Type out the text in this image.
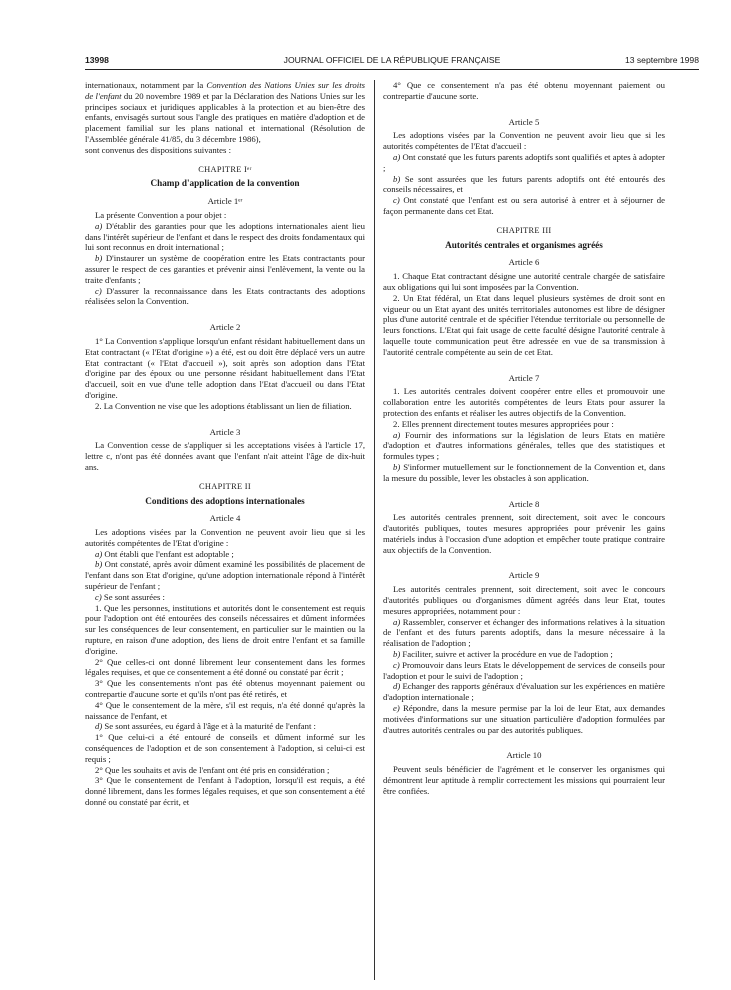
13998	JOURNAL OFFICIEL DE LA RÉPUBLIQUE FRANÇAISE	13 septembre 1998

internationaux, notamment par la Convention des Nations Unies sur les droits de l'enfant du 20 novembre 1989 et par la Déclaration des Nations Unies sur les principes sociaux et juridiques applicables à la protection et au bien-être des enfants, envisagés surtout sous l'angle des pratiques en matière d'adoption et de placement familial sur les plans national et international (Résolution de l'Assemblée générale 41/85, du 3 décembre 1986),

sont convenus des dispositions suivantes :

CHAPITRE Iᵉʳ

Champ d'application de la convention

Article 1ᵉʳ

La présente Convention a pour objet :

a) D'établir des garanties pour que les adoptions internationales aient lieu dans l'intérêt supérieur de l'enfant et dans le respect des droits fondamentaux qui lui sont reconnus en droit international ;

b) D'instaurer un système de coopération entre les Etats contractants pour assurer le respect de ces garanties et prévenir ainsi l'enlèvement, la vente ou la traite d'enfants ;

c) D'assurer la reconnaissance dans les Etats contractants des adoptions réalisées selon la Convention.

Article 2

1° La Convention s'applique lorsqu'un enfant résidant habituellement dans un Etat contractant (« l'Etat d'origine ») a été, est ou doit être déplacé vers un autre Etat contractant (« l'Etat d'accueil »), soit après son adoption dans l'Etat d'origine par des époux ou une personne résidant habituellement dans l'Etat d'accueil, soit en vue d'une telle adoption dans l'Etat d'accueil ou dans l'Etat d'origine.

2. La Convention ne vise que les adoptions établissant un lien de filiation.

Article 3

La Convention cesse de s'appliquer si les acceptations visées à l'article 17, lettre c, n'ont pas été données avant que l'enfant n'ait atteint l'âge de dix-huit ans.

CHAPITRE II

Conditions des adoptions internationales

Article 4

Les adoptions visées par la Convention ne peuvent avoir lieu que si les autorités compétentes de l'Etat d'origine :

a) Ont établi que l'enfant est adoptable ;

b) Ont constaté, après avoir dûment examiné les possibilités de placement de l'enfant dans son Etat d'origine, qu'une adoption internationale répond à l'intérêt supérieur de l'enfant ;

c) Se sont assurées :

1. Que les personnes, institutions et autorités dont le consentement est requis pour l'adoption ont été entourées des conseils nécessaires et dûment informées sur les conséquences de leur consentement, en particulier sur le maintien ou la rupture, en raison d'une adoption, des liens de droit entre l'enfant et sa famille d'origine.

2° Que celles-ci ont donné librement leur consentement dans les formes légales requises, et que ce consentement a été donné ou constaté par écrit ;

3° Que les consentements n'ont pas été obtenus moyennant paiement ou contrepartie d'aucune sorte et qu'ils n'ont pas été retirés, et

4° Que le consentement de la mère, s'il est requis, n'a été donné qu'après la naissance de l'enfant, et

d) Se sont assurées, eu égard à l'âge et à la maturité de l'enfant :

1° Que celui-ci a été entouré de conseils et dûment informé sur les conséquences de l'adoption et de son consentement à l'adoption, si celui-ci est requis ;

2° Que les souhaits et avis de l'enfant ont été pris en considération ;

3° Que le consentement de l'enfant à l'adoption, lorsqu'il est requis, a été donné librement, dans les formes légales requises, et que son consentement a été donné ou constaté par écrit, et

4° Que ce consentement n'a pas été obtenu moyennant paiement ou contrepartie d'aucune sorte.

Article 5

Les adoptions visées par la Convention ne peuvent avoir lieu que si les autorités compétentes de l'Etat d'accueil :

a) Ont constaté que les futurs parents adoptifs sont qualifiés et aptes à adopter ;

b) Se sont assurées que les futurs parents adoptifs ont été entourés des conseils nécessaires, et

c) Ont constaté que l'enfant est ou sera autorisé à entrer et à séjourner de façon permanente dans cet Etat.

CHAPITRE III

Autorités centrales et organismes agréés

Article 6

1. Chaque Etat contractant désigne une autorité centrale chargée de satisfaire aux obligations qui lui sont imposées par la Convention.

2. Un Etat fédéral, un Etat dans lequel plusieurs systèmes de droit sont en vigueur ou un Etat ayant des unités territoriales autonomes est libre de désigner plus d'une autorité centrale et de spécifier l'étendue territoriale ou personnelle de leurs fonctions. L'Etat qui fait usage de cette faculté désigne l'autorité centrale à laquelle toute communication peut être adressée en vue de sa transmission à l'autorité centrale compétente au sein de cet Etat.

Article 7

1. Les autorités centrales doivent coopérer entre elles et promouvoir une collaboration entre les autorités compétentes de leurs Etats pour assurer la protection des enfants et réaliser les autres objectifs de la Convention.

2. Elles prennent directement toutes mesures appropriées pour :

a) Fournir des informations sur la législation de leurs Etats en matière d'adoption et d'autres informations générales, telles que des statistiques et formules types ;

b) S'informer mutuellement sur le fonctionnement de la Convention et, dans la mesure du possible, lever les obstacles à son application.

Article 8

Les autorités centrales prennent, soit directement, soit avec le concours d'autorités publiques, toutes mesures appropriées pour prévenir les gains matériels indus à l'occasion d'une adoption et empêcher toute pratique contraire aux objectifs de la Convention.

Article 9

Les autorités centrales prennent, soit directement, soit avec le concours d'autorités publiques ou d'organismes dûment agréés dans leur Etat, toutes mesures appropriées, notamment pour :

a) Rassembler, conserver et échanger des informations relatives à la situation de l'enfant et des futurs parents adoptifs, dans la mesure nécessaire à la réalisation de l'adoption ;

b) Faciliter, suivre et activer la procédure en vue de l'adoption ;

c) Promouvoir dans leurs Etats le développement de services de conseils pour l'adoption et pour le suivi de l'adoption ;

d) Echanger des rapports généraux d'évaluation sur les expériences en matière d'adoption internationale ;

e) Répondre, dans la mesure permise par la loi de leur Etat, aux demandes motivées d'informations sur une situation particulière d'adoption formulées par d'autres autorités centrales ou par des autorités publiques.

Article 10

Peuvent seuls bénéficier de l'agrément et le conserver les organismes qui démontrent leur aptitude à remplir correctement les missions qui pourraient leur être confiées.
